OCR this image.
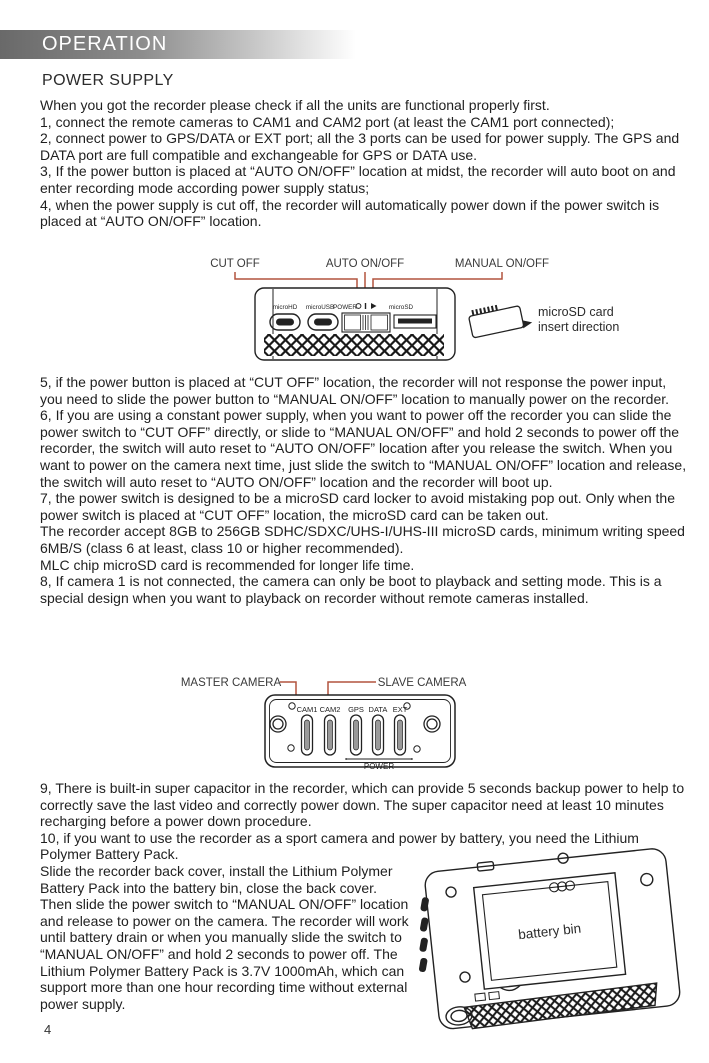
OPERATION
POWER SUPPLY

When you got the recorder please check if all the units are functional properly first.

1, connect the remote cameras to CAM1 and CAM2 port (at least the CAM1 port connected);

2, connect power to GPS/DATA or EXT port; all the 3 ports can be used for power supply. The GPS and DATA port are full compatible and exchangeable for GPS or DATA use.

3, If the power button is placed at “AUTO ON/OFF” location at midst, the recorder will auto boot on and enter recording mode according power supply status;

4, when the power supply is cut off, the recorder will automatically power down if the power switch is placed at “AUTO ON/OFF” location.

CUT OFF	AUTO ON/OFF	MANUAL ON/OFF
microHD microUSB
POWER	microSD	microSD card
insert direction

5, if the power button is placed at “CUT OFF” location, the recorder will not response the power input, you need to slide the power button to “MANUAL ON/OFF” location to manually power on the recorder.

6, If you are using a constant power supply, when you want to power off the recorder you can slide the power switch to “CUT OFF” directly, or slide to “MANUAL ON/OFF” and hold 2 seconds to power off the recorder, the switch will auto reset to “AUTO ON/OFF” location after you release the switch. When you want to power on the camera next time, just slide the switch to “MANUAL ON/OFF” location and release, the switch will auto reset to “AUTO ON/OFF” location and the recorder will boot up.

7, the power switch is designed to be a microSD card locker to avoid mistaking pop out. Only when the power switch is placed at “CUT OFF” location, the microSD card can be taken out.

The recorder accept 8GB to 256GB SDHC/SDXC/UHS-I/UHS-III microSD cards, minimum writing speed 6MB/S (class 6 at least, class 10 or higher recommended).

MLC chip microSD card is recommended for longer life time.

8, If camera 1 is not connected, the camera can only be boot to playback and setting mode. This is a special design when you want to playback on recorder without remote cameras installed.

MASTER CAMERA	SLAVE CAMERA
CAM1 CAM2 GPS DATA EXT
POWER

9, There is built-in super capacitor in the recorder, which can provide 5 seconds backup power to help to correctly save the last video and correctly power down. The super capacitor need at least 10 minutes recharging before a power down procedure.

10, if you want to use the recorder as a sport camera and power by battery, you need the Lithium Polymer Battery Pack.

Slide the recorder back cover, install the Lithium Polymer Battery Pack into the battery bin, close the back cover. Then slide the power switch to “MANUAL ON/OFF” location and release to power on the camera. The recorder will work until battery drain or when you manually slide the switch to “MANUAL ON/OFF” and hold 2 seconds to power off. The Lithium Polymer Battery Pack is 3.7V 1000mAh, which can support more than one hour recording time without external power supply.

battery bin
4
